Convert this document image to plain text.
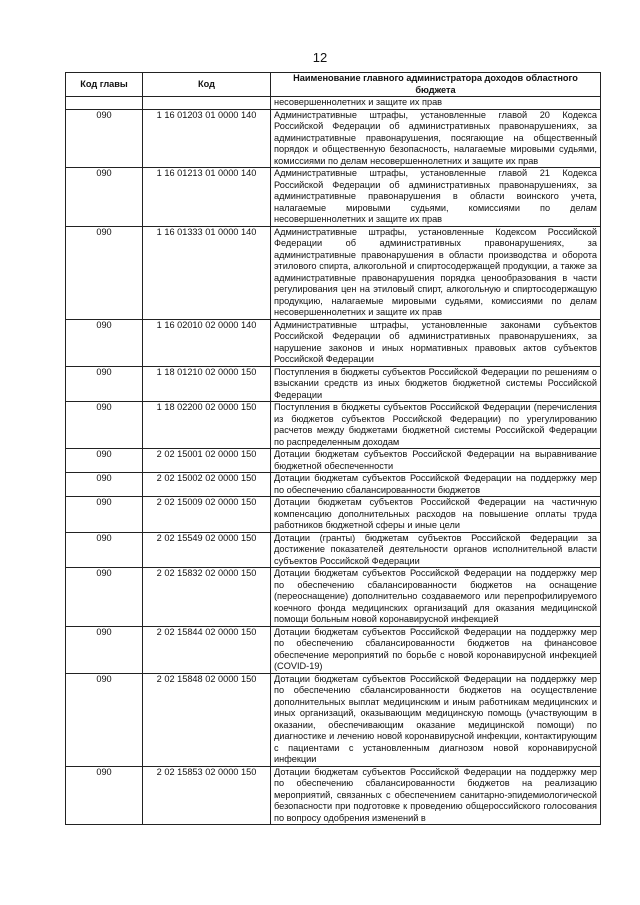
12
Код главы	Код	Наименование главного администратора доходов областного бюджета
		несовершеннолетних и защите их прав
090	1 16 01203 01 0000 140	Административные штрафы, установленные главой 20 Кодекса Российской Федерации об административных правонарушениях, за административные правонарушения, посягающие на общественный порядок и общественную безопасность, налагаемые мировыми судьями, комиссиями по делам несовершеннолетних и защите их прав
090	1 16 01213 01 0000 140	Административные штрафы, установленные главой 21 Кодекса Российской Федерации об административных правонарушениях, за административные правонарушения в области воинского учета, налагаемые мировыми судьями, комиссиями по делам несовершеннолетних и защите их прав
090	1 16 01333 01 0000 140	Административные штрафы, установленные Кодексом Российской Федерации об административных правонарушениях, за административные правонарушения в области производства и оборота этилового спирта, алкогольной и спиртосодержащей продукции, а также за административные правонарушения порядка ценообразования в части регулирования цен на этиловый спирт, алкогольную и спиртосодержащую продукцию, налагаемые мировыми судьями, комиссиями по делам несовершеннолетних и защите их прав
090	1 16 02010 02 0000 140	Административные штрафы, установленные законами субъектов Российской Федерации об административных правонарушениях, за нарушение законов и иных нормативных правовых актов субъектов Российской Федерации
090	1 18 01210 02 0000 150	Поступления в бюджеты субъектов Российской Федерации по решениям о взыскании средств из иных бюджетов бюджетной системы Российской Федерации
090	1 18 02200 02 0000 150	Поступления в бюджеты субъектов Российской Федерации (перечисления из бюджетов субъектов Российской Федерации) по урегулированию расчетов между бюджетами бюджетной системы Российской Федерации по распределенным доходам
090	2 02 15001 02 0000 150	Дотации бюджетам субъектов Российской Федерации на выравнивание бюджетной обеспеченности
090	2 02 15002 02 0000 150	Дотации бюджетам субъектов Российской Федерации на поддержку мер по обеспечению сбалансированности бюджетов
090	2 02 15009 02 0000 150	Дотации бюджетам субъектов Российской Федерации на частичную компенсацию дополнительных расходов на повышение оплаты труда работников бюджетной сферы и иные цели
090	2 02 15549 02 0000 150	Дотации (гранты) бюджетам субъектов Российской Федерации за достижение показателей деятельности органов исполнительной власти субъектов Российской Федерации
090	2 02 15832 02 0000 150	Дотации бюджетам субъектов Российской Федерации на поддержку мер по обеспечению сбалансированности бюджетов на оснащение (переоснащение) дополнительно создаваемого или перепрофилируемого коечного фонда медицинских организаций для оказания медицинской помощи больным новой коронавирусной инфекцией
090	2 02 15844 02 0000 150	Дотации бюджетам субъектов Российской Федерации на поддержку мер по обеспечению сбалансированности бюджетов на финансовое обеспечение мероприятий по борьбе с новой коронавирусной инфекцией (COVID-19)
090	2 02 15848 02 0000 150	Дотации бюджетам субъектов Российской Федерации на поддержку мер по обеспечению сбалансированности бюджетов на осуществление дополнительных выплат медицинским и иным работникам медицинских и иных организаций, оказывающим медицинскую помощь (участвующим в оказании, обеспечивающим оказание медицинской помощи) по диагностике и лечению новой коронавирусной инфекции, контактирующим с пациентами с установленным диагнозом новой коронавирусной инфекции
090	2 02 15853 02 0000 150	Дотации бюджетам субъектов Российской Федерации на поддержку мер по обеспечению сбалансированности бюджетов на реализацию мероприятий, связанных с обеспечением санитарно-эпидемиологической безопасности при подготовке к проведению общероссийского голосования по вопросу одобрения изменений в
